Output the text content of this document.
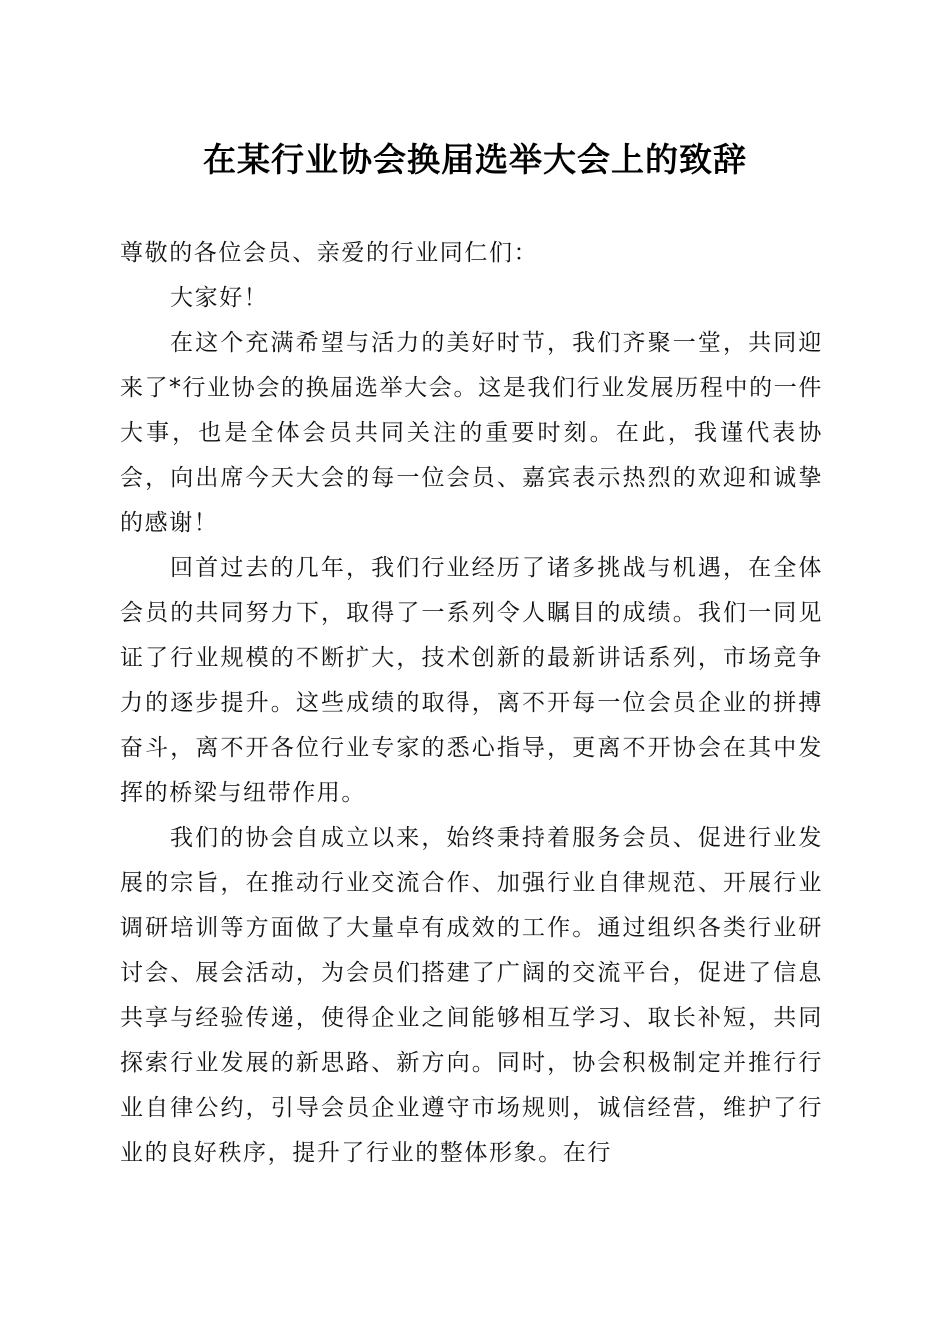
在某行业协会换届选举大会上的致辞

尊敬的各位会员、亲爱的行业同仁们：

大家好！

在这个充满希望与活力的美好时节，我们齐聚一堂，共同迎来了*行业协会的换届选举大会。这是我们行业发展历程中的一件大事，也是全体会员共同关注的重要时刻。在此，我谨代表协会，向出席今天大会的每一位会员、嘉宾表示热烈的欢迎和诚挚的感谢！

回首过去的几年，我们行业经历了诸多挑战与机遇，在全体会员的共同努力下，取得了一系列令人瞩目的成绩。我们一同见证了行业规模的不断扩大，技术创新的最新讲话系列，市场竞争力的逐步提升。这些成绩的取得，离不开每一位会员企业的拼搏奋斗，离不开各位行业专家的悉心指导，更离不开协会在其中发挥的桥梁与纽带作用。

我们的协会自成立以来，始终秉持着服务会员、促进行业发展的宗旨，在推动行业交流合作、加强行业自律规范、开展行业调研培训等方面做了大量卓有成效的工作。通过组织各类行业研讨会、展会活动，为会员们搭建了广阔的交流平台，促进了信息共享与经验传递，使得企业之间能够相互学习、取长补短，共同探索行业发展的新思路、新方向。同时，协会积极制定并推行行业自律公约，引导会员企业遵守市场规则，诚信经营，维护了行业的良好秩序，提升了行业的整体形象。在行
